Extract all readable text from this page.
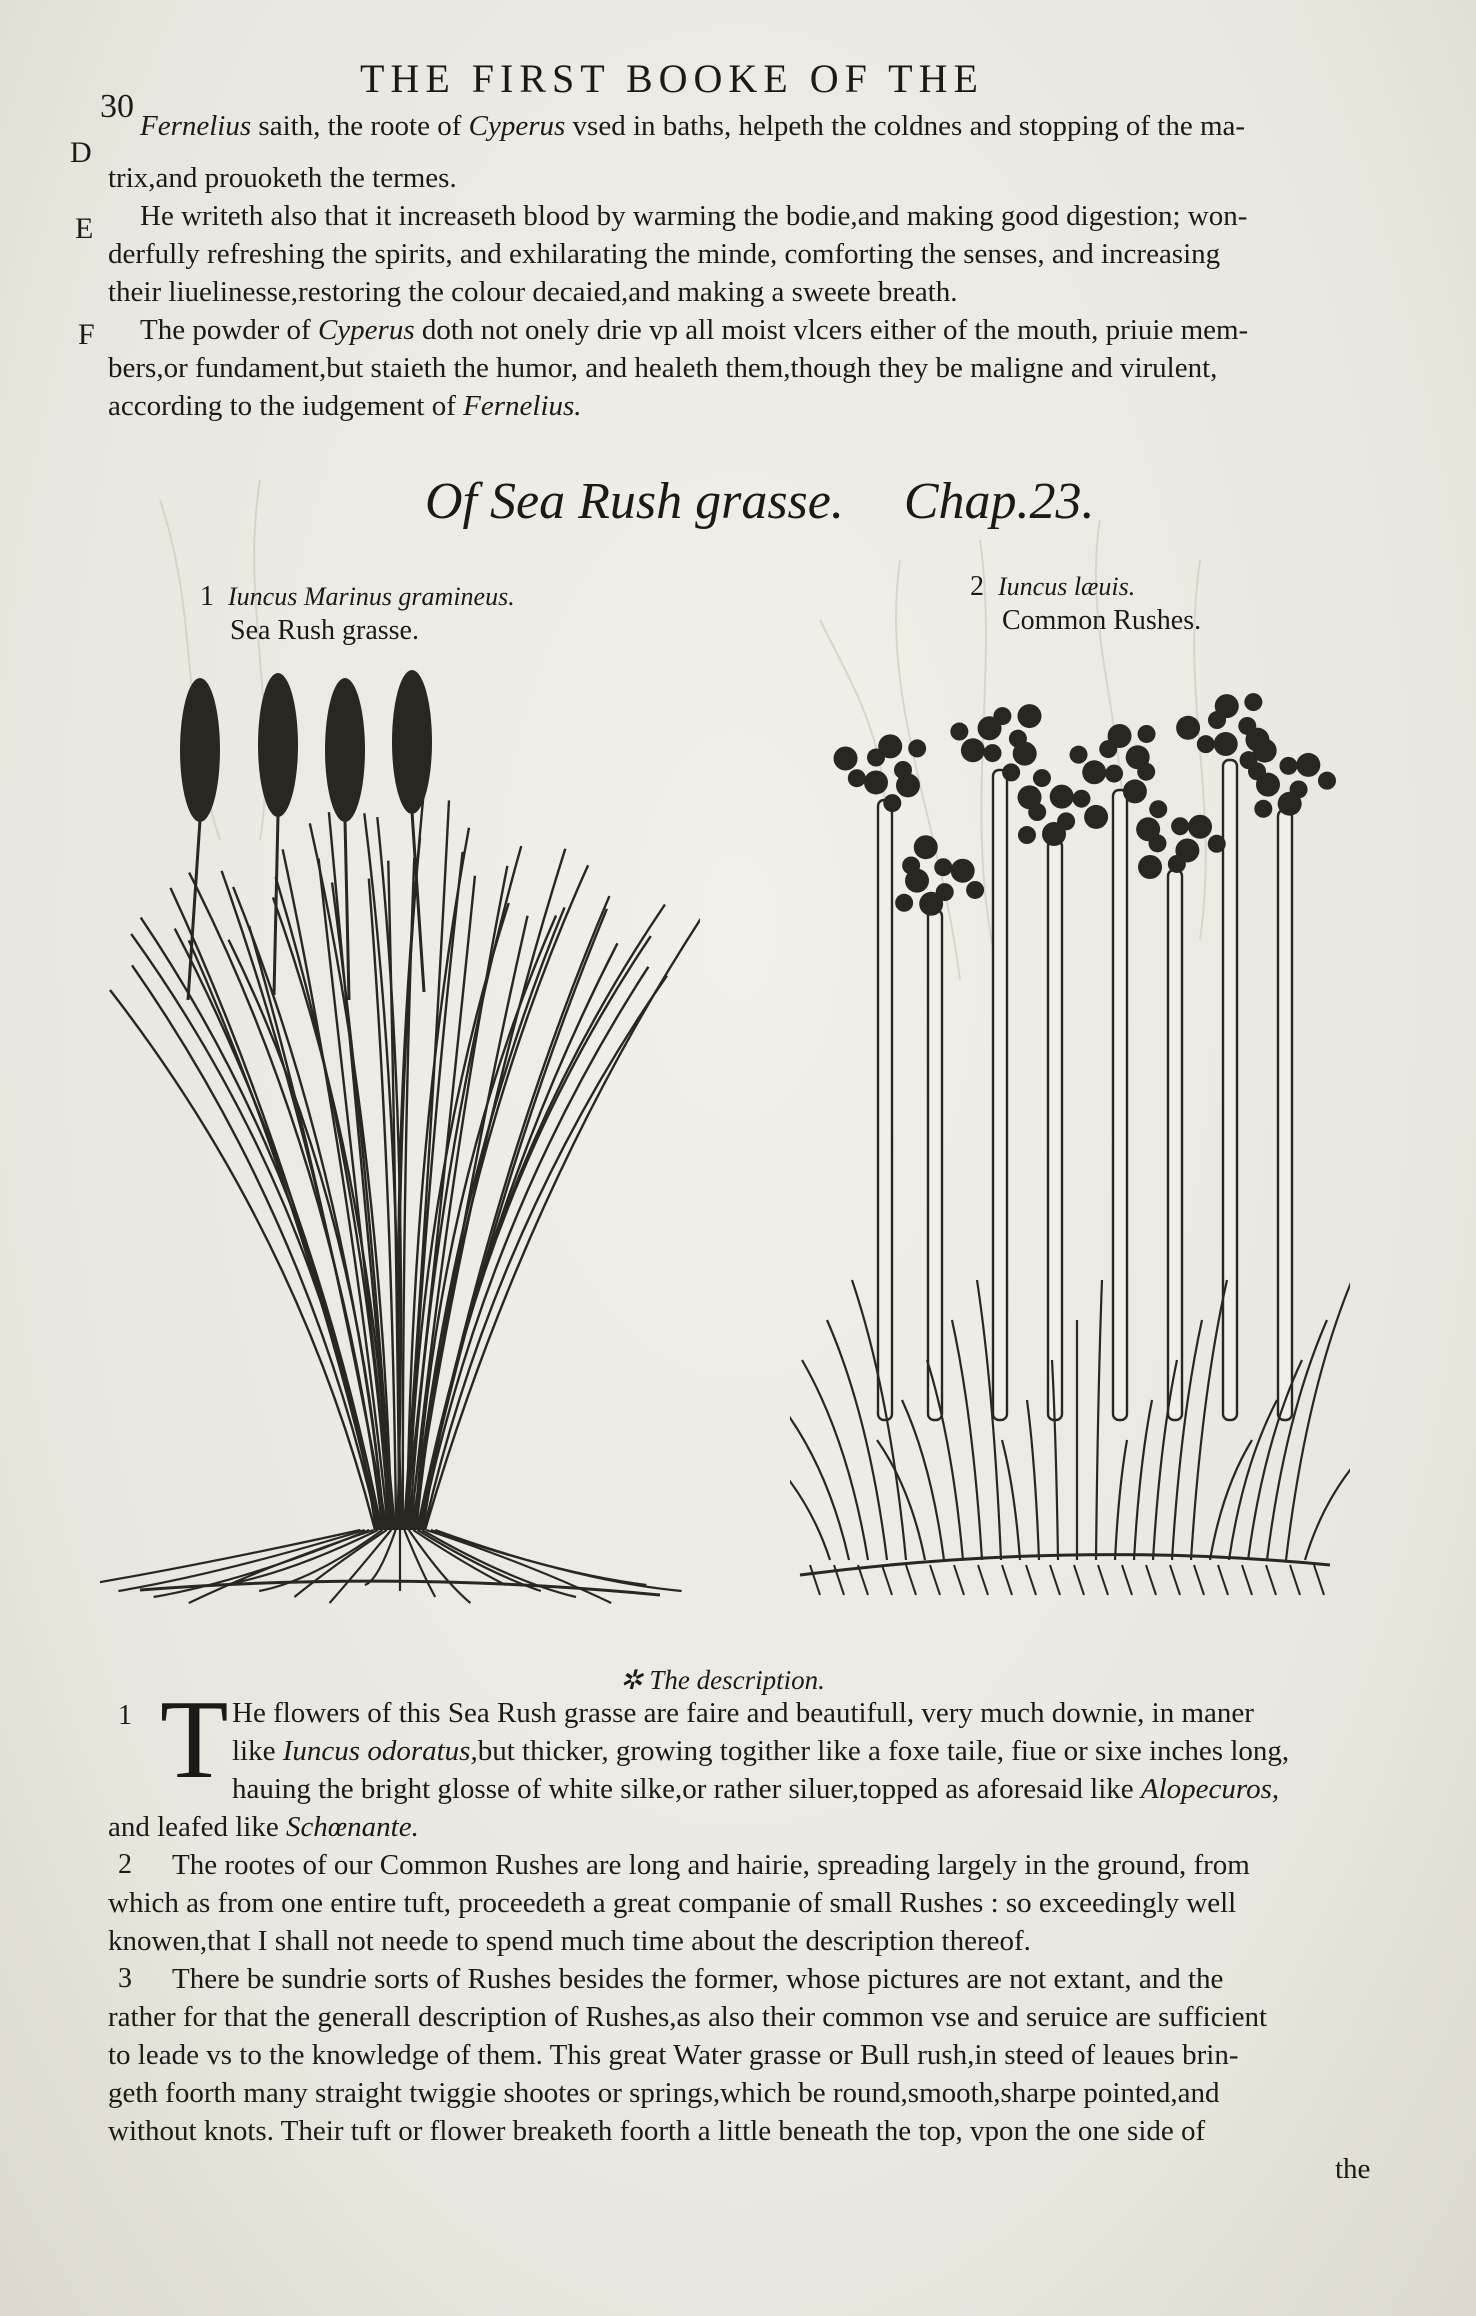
30
THE FIRST BOOKE OF THE
D
E
F
Fernelius saith, the roote of Cyperus vsed in baths, helpeth the coldnes and stopping of the ma-
trix,and prouoketh the termes.
He writeth also that it increaseth blood by warming the bodie,and making good digestion; won-
derfully refreshing the spirits, and exhilarating the minde, comforting the senses, and increasing
their liuelinesse,restoring the colour decaied,and making a sweete breath.
The powder of Cyperus doth not onely drie vp all moist vlcers either of the mouth, priuie mem-
bers,or fundament,but staieth the humor, and healeth them,though they be maligne and virulent,
according to the iudgement of Fernelius.
Of Sea Rush grasse. Chap.23.
1 Iuncus Marinus gramineus.
Sea Rush grasse.
2 Iuncus læuis.
Common Rushes.
✲ The description.
1 T He flowers of this Sea Rush grasse are faire and beautifull, very much downie, in maner
like Iuncus odoratus,but thicker, growing togither like a foxe taile, fiue or sixe inches long,
hauing the bright glosse of white silke,or rather siluer,topped as aforesaid like Alopecuros,
and leafed like Schœnante.
2 The rootes of our Common Rushes are long and hairie, spreading largely in the ground, from
which as from one entire tuft, proceedeth a great companie of small Rushes : so exceedingly well
knowen,that I shall not neede to spend much time about the description thereof.
3 There be sundrie sorts of Rushes besides the former, whose pictures are not extant, and the
rather for that the generall description of Rushes,as also their common vse and seruice are sufficient
to leade vs to the knowledge of them. This great Water grasse or Bull rush,in steed of leaues brin-
geth foorth many straight twiggie shootes or springs,which be round,smooth,sharpe pointed,and
without knots. Their tuft or flower breaketh foorth a little beneath the top, vpon the one side of
the
